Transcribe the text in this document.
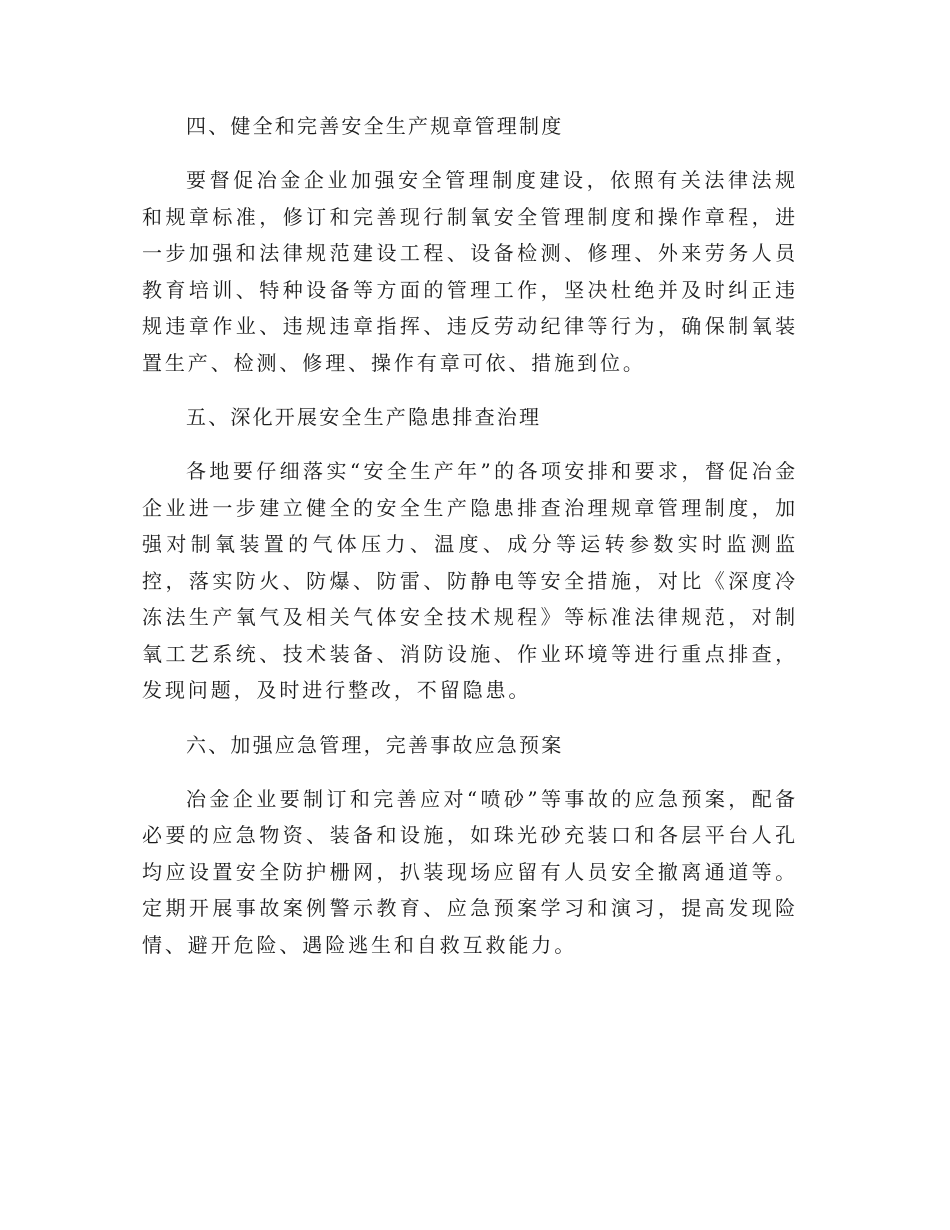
四、健全和完善安全生产规章管理制度
要督促冶金企业加强安全管理制度建设，依照有关法律法规和规章标准，修订和完善现行制氧安全管理制度和操作章程，进一步加强和法律规范建设工程、设备检测、修理、外来劳务人员教育培训、特种设备等方面的管理工作，坚决杜绝并及时纠正违规违章作业、违规违章指挥、违反劳动纪律等行为，确保制氧装置生产、检测、修理、操作有章可依、措施到位。
五、深化开展安全生产隐患排查治理
各地要仔细落实“安全生产年”的各项安排和要求，督促冶金企业进一步建立健全的安全生产隐患排查治理规章管理制度，加强对制氧装置的气体压力、温度、成分等运转参数实时监测监控，落实防火、防爆、防雷、防静电等安全措施，对比《深度冷冻法生产氧气及相关气体安全技术规程》等标准法律规范，对制氧工艺系统、技术装备、消防设施、作业环境等进行重点排查，发现问题，及时进行整改，不留隐患。
六、加强应急管理，完善事故应急预案
冶金企业要制订和完善应对“喷砂”等事故的应急预案，配备必要的应急物资、装备和设施，如珠光砂充装口和各层平台人孔均应设置安全防护栅网，扒装现场应留有人员安全撤离通道等。定期开展事故案例警示教育、应急预案学习和演习，提高发现险情、避开危险、遇险逃生和自救互救能力。
